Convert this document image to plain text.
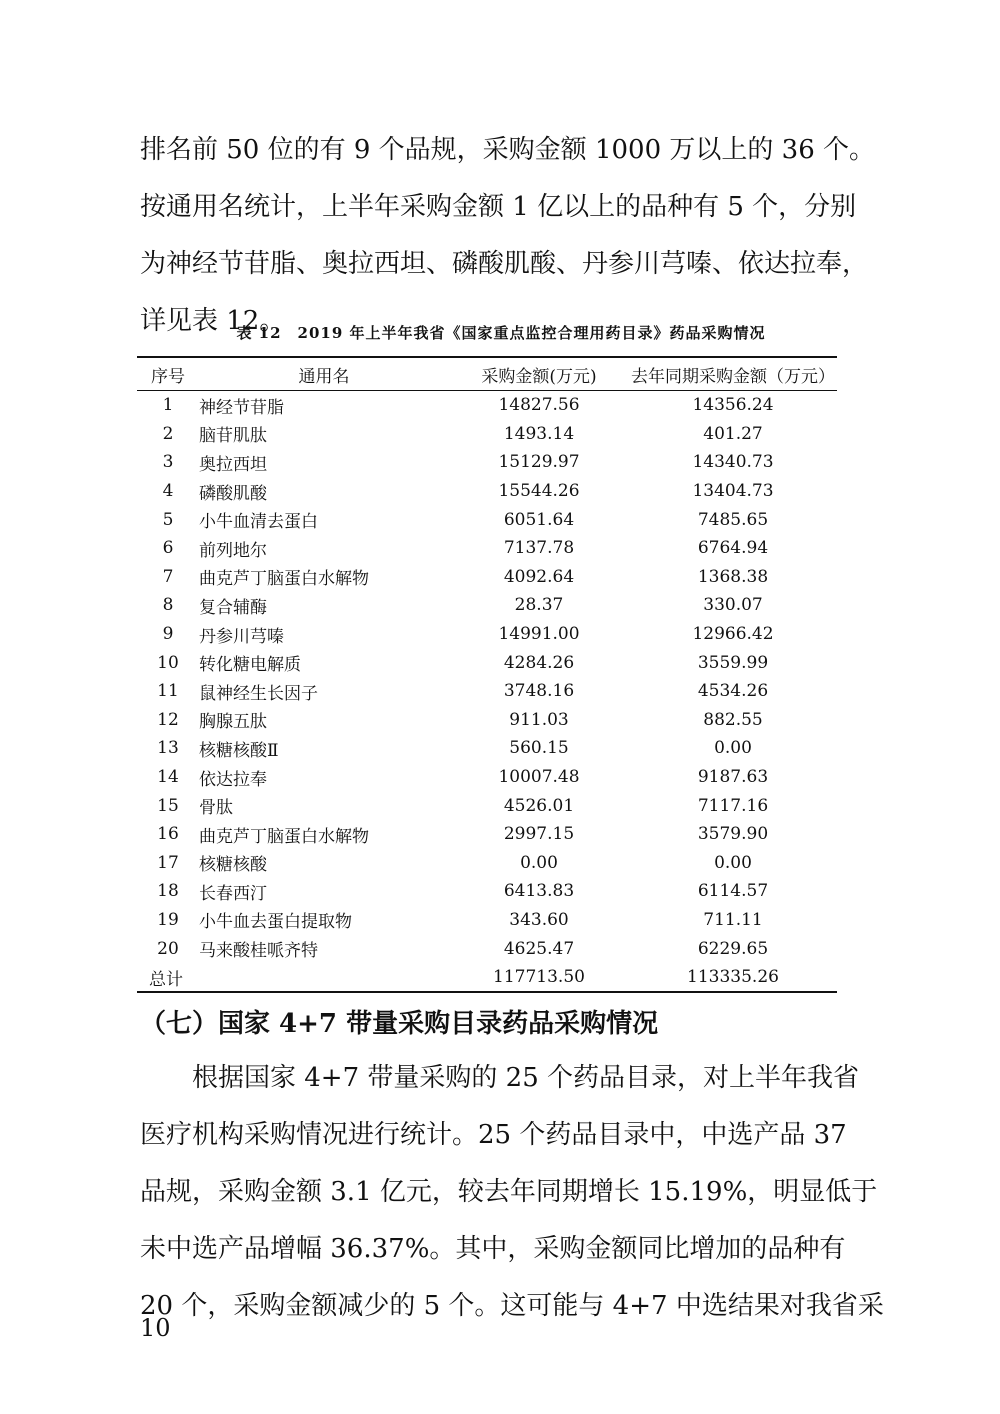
排名前 50 位的有 9 个品规，采购金额 1000 万以上的 36 个。
按通用名统计，上半年采购金额 1 亿以上的品种有 5 个，分别
为神经节苷脂、奥拉西坦、磷酸肌酸、丹参川芎嗪、依达拉奉，
详见表 12。
表 12　2019 年上半年我省《国家重点监控合理用药目录》药品采购情况
序号	通用名	采购金额(万元)	去年同期采购金额（万元）
1	神经节苷脂	14827.56	14356.24
2	脑苷肌肽	1493.14	401.27
3	奥拉西坦	15129.97	14340.73
4	磷酸肌酸	15544.26	13404.73
5	小牛血清去蛋白	6051.64	7485.65
6	前列地尔	7137.78	6764.94
7	曲克芦丁脑蛋白水解物	4092.64	1368.38
8	复合辅酶	28.37	330.07
9	丹参川芎嗪	14991.00	12966.42
10	转化糖电解质	4284.26	3559.99
11	鼠神经生长因子	3748.16	4534.26
12	胸腺五肽	911.03	882.55
13	核糖核酸Ⅱ	560.15	0.00
14	依达拉奉	10007.48	9187.63
15	骨肽	4526.01	7117.16
16	曲克芦丁脑蛋白水解物	2997.15	3579.90
17	核糖核酸	0.00	0.00
18	长春西汀	6413.83	6114.57
19	小牛血去蛋白提取物	343.60	711.11
20	马来酸桂哌齐特	4625.47	6229.65
总计		117713.50	113335.26
（七）国家 4+7 带量采购目录药品采购情况
　　根据国家 4+7 带量采购的 25 个药品目录，对上半年我省
医疗机构采购情况进行统计。25 个药品目录中，中选产品 37
品规，采购金额 3.1 亿元，较去年同期增长 15.19%，明显低于
未中选产品增幅 36.37%。其中，采购金额同比增加的品种有
20 个，采购金额减少的 5 个。这可能与 4+7 中选结果对我省采
10
